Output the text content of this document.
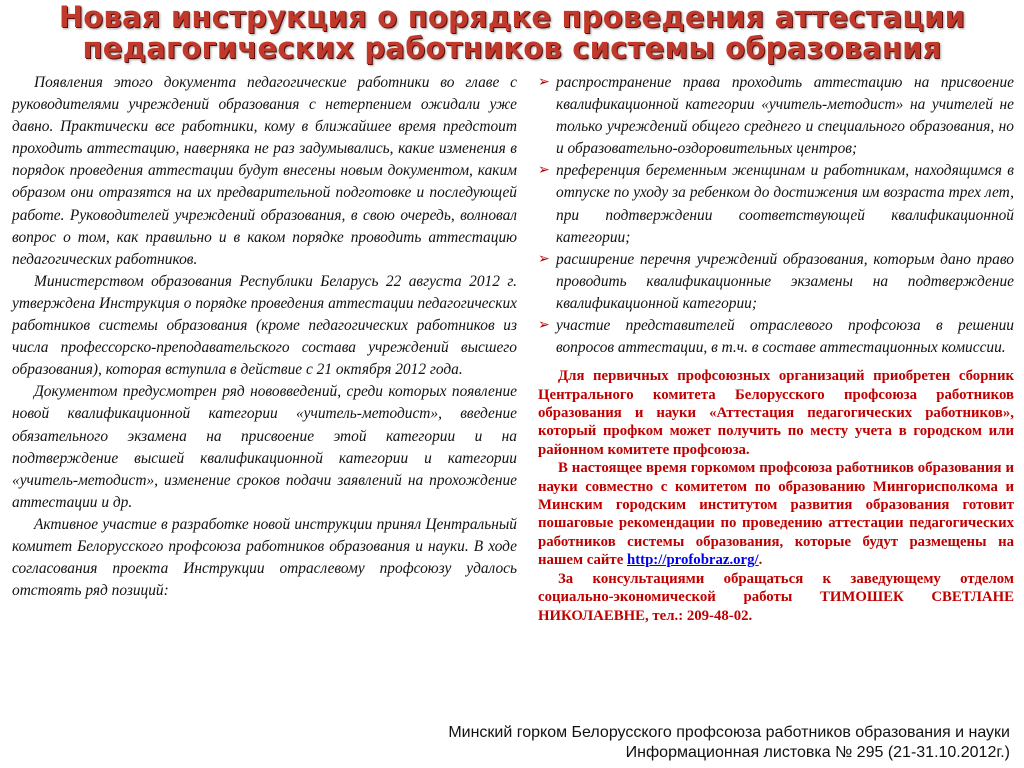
Новая инструкция о порядке проведения аттестации
педагогических работников системы образования

Появления этого документа педагогические работники во главе с руководителями учреждений образования с нетерпением ожидали уже давно. Практически все работники, кому в ближайшее время предстоит проходить аттестацию, наверняка не раз задумывались, какие изменения в порядок проведения аттестации будут внесены новым документом, каким образом они отразятся на их предварительной подготовке и последующей работе. Руководителей учреждений образования, в свою очередь, волновал вопрос о том, как правильно и в каком порядке проводить аттестацию педагогических работников.

Министерством образования Республики Беларусь 22 августа 2012 г. утверждена Инструкция о порядке проведения аттестации педагогических работников системы образования (кроме педагогических работников из числа профессорско-преподавательского состава учреждений высшего образования), которая вступила в действие с 21 октября 2012 года.

Документом предусмотрен ряд нововведений, среди которых появление новой квалификационной категории «учитель-методист», введение обязательного экзамена на присвоение этой категории и на подтверждение высшей квалификационной категории и категории «учитель-методист», изменение сроков подачи заявлений на прохождение аттестации и др.

Активное участие в разработке новой инструкции принял Центральный комитет Белорусского профсоюза работников образования и науки. В ходе согласования проекта Инструкции отраслевому профсоюзу удалось отстоять ряд позиций:

➢ распространение права проходить аттестацию на присвоение квалификационной категории «учитель-методист» на учителей не только учреждений общего среднего и специального образования, но и образовательно-оздоровительных центров;
➢ преференция беременным женщинам и работникам, находящимся в отпуске по уходу за ребенком до достижения им возраста трех лет, при подтверждении соответствующей квалификационной категории;
➢ расширение перечня учреждений образования, которым дано право проводить квалификационные экзамены на подтверждение квалификационной категории;
➢ участие представителей отраслевого профсоюза в решении вопросов аттестации, в т.ч. в составе аттестационных комиссии.

Для первичных профсоюзных организаций приобретен сборник Центрального комитета Белорусского профсоюза работников образования и науки «Аттестация педагогических работников», который профком может получить по месту учета в городском или районном комитете профсоюза.

В настоящее время горкомом профсоюза работников образования и науки совместно с комитетом по образованию Мингорисполкома и Минским городским институтом развития образования готовит пошаговые рекомендации по проведению аттестации педагогических работников системы образования, которые будут размещены на нашем сайте http://profobraz.org/.

За консультациями обращаться к заведующему отделом социально-экономической работы ТИМОШЕК СВЕТЛАНЕ НИКОЛАЕВНЕ, тел.: 209-48-02.

Минский горком Белорусского профсоюза работников образования и науки
Информационная листовка № 295 (21-31.10.2012г.)
